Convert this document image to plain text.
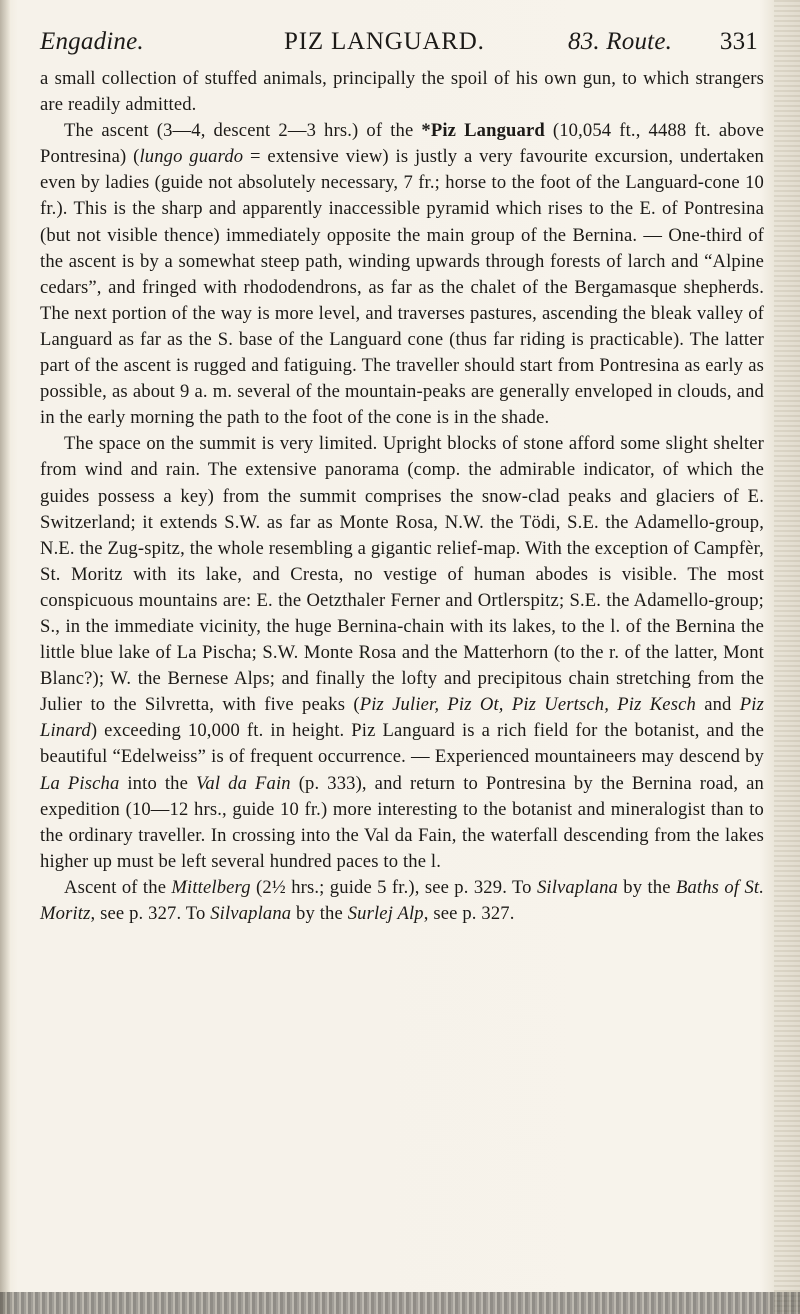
Engadine.	PIZ LANGUARD.	83. Route. 331

a small collection of stuffed animals, principally the spoil of his own gun, to which strangers are readily admitted.

The ascent (3—4, descent 2—3 hrs.) of the *Piz Languard (10,054 ft., 4488 ft. above Pontresina) (lungo guardo = extensive view) is justly a very favourite excursion, undertaken even by ladies (guide not absolutely necessary, 7 fr.; horse to the foot of the Languard-cone 10 fr.). This is the sharp and apparently inaccessible pyramid which rises to the E. of Pontresina (but not visible thence) immediately opposite the main group of the Bernina. — One-third of the ascent is by a somewhat steep path, winding upwards through forests of larch and “Alpine cedars”, and fringed with rhododendrons, as far as the chalet of the Bergamasque shepherds. The next portion of the way is more level, and traverses pastures, ascending the bleak valley of Languard as far as the S. base of the Languard cone (thus far riding is practicable). The latter part of the ascent is rugged and fatiguing. The traveller should start from Pontresina as early as possible, as about 9 a. m. several of the mountain-peaks are generally enveloped in clouds, and in the early morning the path to the foot of the cone is in the shade.

The space on the summit is very limited. Upright blocks of stone afford some slight shelter from wind and rain. The extensive panorama (comp. the admirable indicator, of which the guides possess a key) from the summit comprises the snow-clad peaks and glaciers of E. Switzerland; it extends S.W. as far as Monte Rosa, N.W. the Tödi, S.E. the Adamello-group, N.E. the Zug-spitz, the whole resembling a gigantic relief-map. With the exception of Campfèr, St. Moritz with its lake, and Cresta, no vestige of human abodes is visible. The most conspicuous mountains are: E. the Oetzthaler Ferner and Ortlerspitz; S.E. the Adamello-group; S., in the immediate vicinity, the huge Bernina-chain with its lakes, to the l. of the Bernina the little blue lake of La Pischa; S.W. Monte Rosa and the Matterhorn (to the r. of the latter, Mont Blanc?); W. the Bernese Alps; and finally the lofty and precipitous chain stretching from the Julier to the Silvretta, with five peaks (Piz Julier, Piz Ot, Piz Uertsch, Piz Kesch and Piz Linard) exceeding 10,000 ft. in height. Piz Languard is a rich field for the botanist, and the beautiful “Edelweiss” is of frequent occurrence. — Experienced mountaineers may descend by La Pischa into the Val da Fain (p. 333), and return to Pontresina by the Bernina road, an expedition (10—12 hrs., guide 10 fr.) more interesting to the botanist and mineralogist than to the ordinary traveller. In crossing into the Val da Fain, the waterfall descending from the lakes higher up must be left several hundred paces to the l.

Ascent of the Mittelberg (2½ hrs.; guide 5 fr.), see p. 329. To Silvaplana by the Baths of St. Moritz, see p. 327. To Silvaplana by the Surlej Alp, see p. 327.
